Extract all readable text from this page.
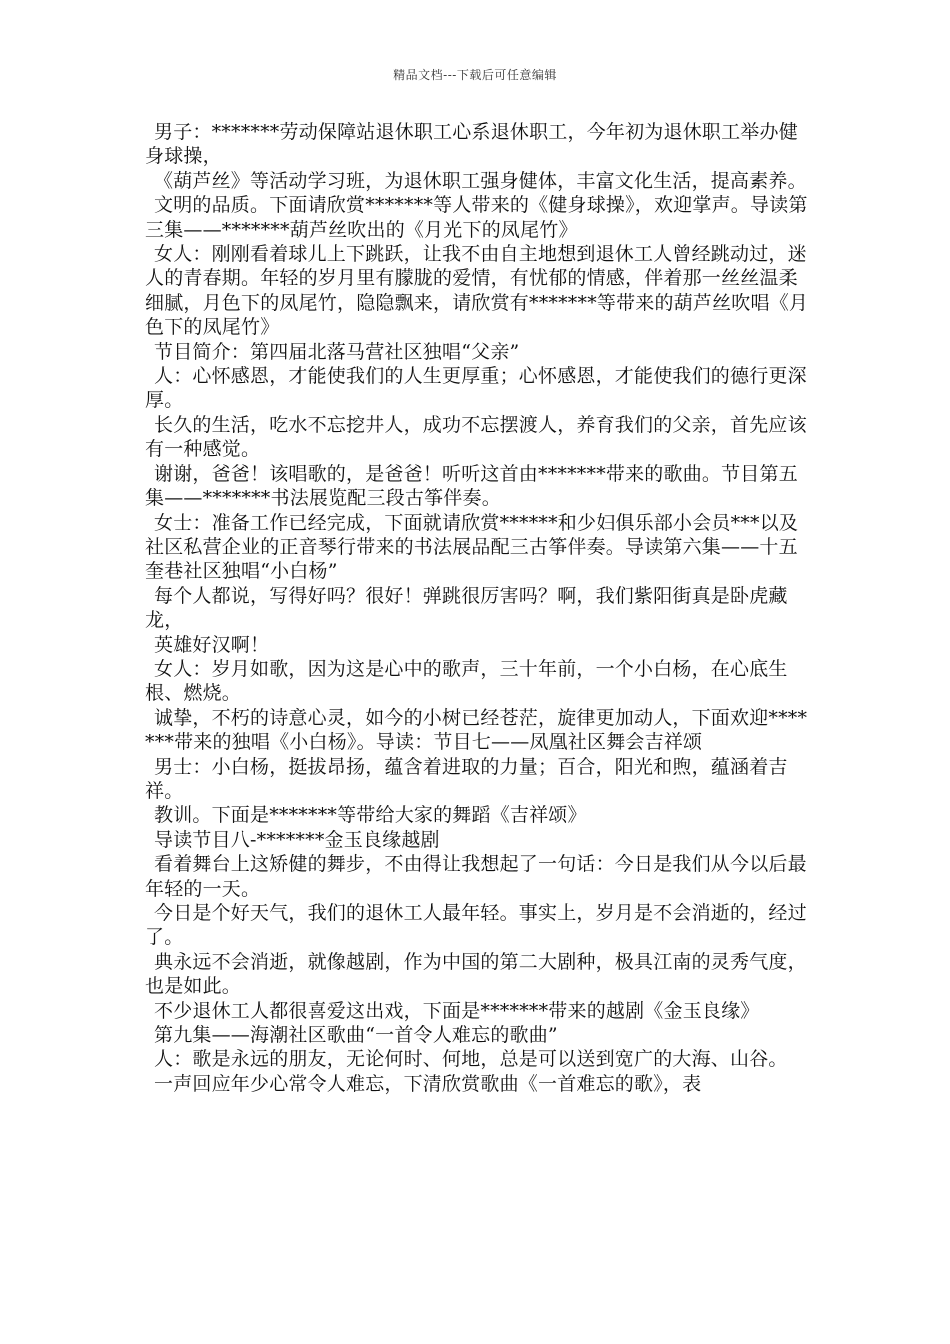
精品文档---下载后可任意编辑

男子：*******劳动保障站退休职工心系退休职工，今年初为退休职工举办健身球操，

《葫芦丝》等活动学习班，为退休职工强身健体，丰富文化生活，提高素养。

文明的品质。下面请欣赏*******等人带来的《健身球操》，欢迎掌声。导读第三集——*******葫芦丝吹出的《月光下的凤尾竹》

女人：刚刚看着球儿上下跳跃，让我不由自主地想到退休工人曾经跳动过，迷人的青春期。年轻的岁月里有朦胧的爱情，有忧郁的情感，伴着那一丝丝温柔细腻，月色下的凤尾竹，隐隐飘来，请欣赏有*******等带来的葫芦丝吹唱《月色下的凤尾竹》

节目简介：第四届北落马营社区独唱“父亲”

人：心怀感恩，才能使我们的人生更厚重；心怀感恩，才能使我们的德行更深厚。

长久的生活，吃水不忘挖井人，成功不忘摆渡人，养育我们的父亲，首先应该有一种感觉。

谢谢，爸爸！该唱歌的，是爸爸！听听这首由*******带来的歌曲。节目第五集——*******书法展览配三段古筝伴奏。

女士：准备工作已经完成，下面就请欣赏******和少妇俱乐部小会员***以及社区私营企业的正音琴行带来的书法展品配三古筝伴奏。导读第六集——十五奎巷社区独唱“小白杨”

每个人都说，写得好吗？很好！弹跳很厉害吗？啊，我们紫阳街真是卧虎藏龙，

英雄好汉啊！

女人：岁月如歌，因为这是心中的歌声，三十年前，一个小白杨，在心底生根、燃烧。

诚挚，不朽的诗意心灵，如今的小树已经苍茫，旋律更加动人，下面欢迎*******带来的独唱《小白杨》。导读：节目七——凤凰社区舞会吉祥颂

男士：小白杨，挺拔昂扬，蕴含着进取的力量；百合，阳光和煦，蕴涵着吉祥。

教训。下面是*******等带给大家的舞蹈《吉祥颂》

导读节目八-*******金玉良缘越剧

看着舞台上这矫健的舞步，不由得让我想起了一句话：今日是我们从今以后最年轻的一天。

今日是个好天气，我们的退休工人最年轻。事实上，岁月是不会消逝的，经过了。

典永远不会消逝，就像越剧，作为中国的第二大剧种，极具江南的灵秀气度，也是如此。

不少退休工人都很喜爱这出戏，下面是*******带来的越剧《金玉良缘》

第九集——海潮社区歌曲“一首令人难忘的歌曲”

人：歌是永远的朋友，无论何时、何地，总是可以送到宽广的大海、山谷。

一声回应年少心常令人难忘，下清欣赏歌曲《一首难忘的歌》，表
